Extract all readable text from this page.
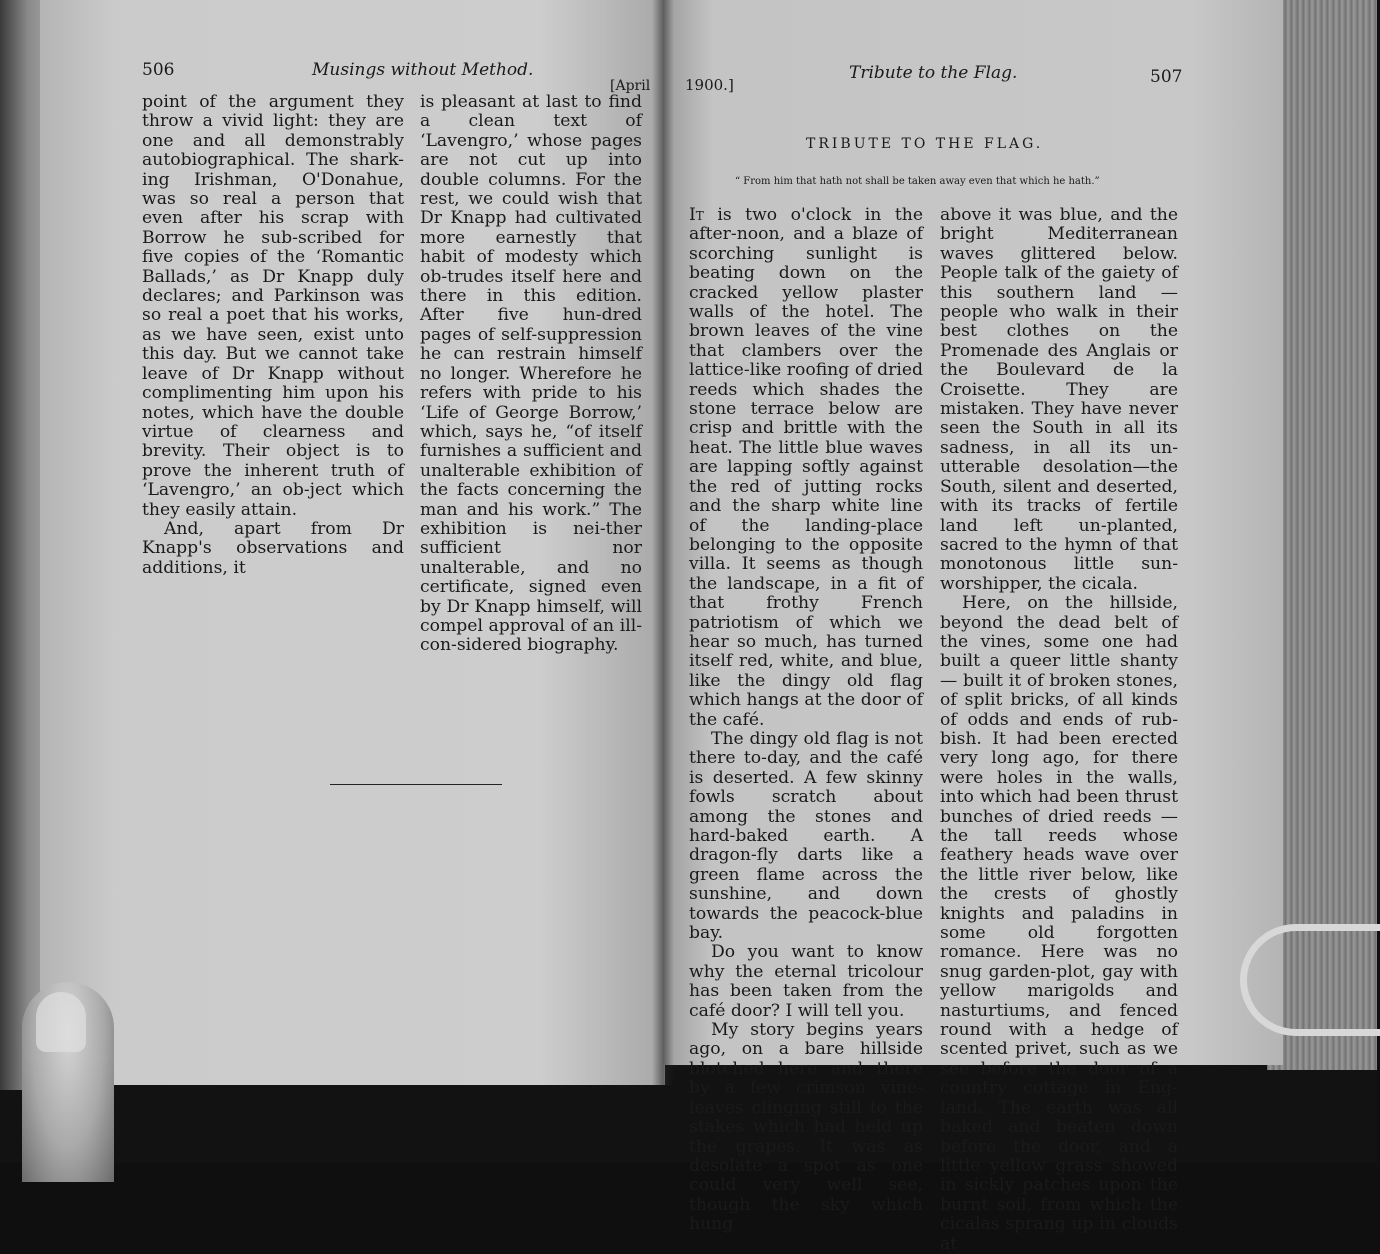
506	Musings without Method.
[April

point of the argument they throw a vivid light: they are one and all demonstrably autobiographical. The shark-ing Irishman, O'Donahue, was so real a person that even after his scrap with Borrow he sub-scribed for five copies of the ‘Romantic Ballads,’ as Dr Knapp duly declares; and Parkinson was so real a poet that his works, as we have seen, exist unto this day. But we cannot take leave of Dr Knapp without complimenting him upon his notes, which have the double virtue of clearness and brevity. Their object is to prove the inherent truth of ‘Lavengro,’ an ob-ject which they easily attain.

And, apart from Dr Knapp's observations and additions, it

is pleasant at last to find a clean text of ‘Lavengro,’ whose pages are not cut up into double columns. For the rest, we could wish that Dr Knapp had cultivated more earnestly that habit of modesty which ob-trudes itself here and there in this edition. After five hun-dred pages of self-suppression he can restrain himself no longer. Wherefore he refers with pride to his ‘Life of George Borrow,’ which, says he, “of itself furnishes a sufficient and unalterable exhibition of the facts concerning the man and his work.” The exhibition is nei-ther sufficient nor unalterable, and no certificate, signed even by Dr Knapp himself, will compel approval of an ill-con-sidered biography.

1900.]
Tribute to the Flag.	507
TRIBUTE TO THE FLAG.
“ From him that hath not shall be taken away even that which he hath.”

It is two o'clock in the after-noon, and a blaze of scorching sunlight is beating down on the cracked yellow plaster walls of the hotel. The brown leaves of the vine that clambers over the lattice-like roofing of dried reeds which shades the stone terrace below are crisp and brittle with the heat. The little blue waves are lapping softly against the red of jutting rocks and the sharp white line of the landing-place belonging to the opposite villa. It seems as though the landscape, in a fit of that frothy French patriotism of which we hear so much, has turned itself red, white, and blue, like the dingy old flag which hangs at the door of the café.

The dingy old flag is not there to-day, and the café is deserted. A few skinny fowls scratch about among the stones and hard-baked earth. A dragon-fly darts like a green flame across the sunshine, and down towards the peacock-blue bay.

Do you want to know why the eternal tricolour has been taken from the café door? I will tell you.

My story begins years ago, on a bare hillside blotched here and there by a few crimson vine-leaves clinging still to the stakes which had held up the grapes. It was as desolate a spot as one could very well see, though the sky which hung

above it was blue, and the bright Mediterranean waves glittered below. People talk of the gaiety of this southern land —people who walk in their best clothes on the Promenade des Anglais or the Boulevard de la Croisette. They are mistaken. They have never seen the South in all its sadness, in all its un-utterable desolation—the South, silent and deserted, with its tracks of fertile land left un-planted, sacred to the hymn of that monotonous little sun-worshipper, the cicala.

Here, on the hillside, beyond the dead belt of the vines, some one had built a queer little shanty — built it of broken stones, of split bricks, of all kinds of odds and ends of rub-bish. It had been erected very long ago, for there were holes in the walls, into which had been thrust bunches of dried reeds — the tall reeds whose feathery heads wave over the little river below, like the crests of ghostly knights and paladins in some old forgotten romance. Here was no snug garden-plot, gay with yellow marigolds and nasturtiums, and fenced round with a hedge of scented privet, such as we see before the door of a country cottage in Eng-land. The earth was all baked and beaten down before the door, and a little yellow grass showed in sickly patches upon the burnt soil, from which the cicalas sprang up in clouds at
